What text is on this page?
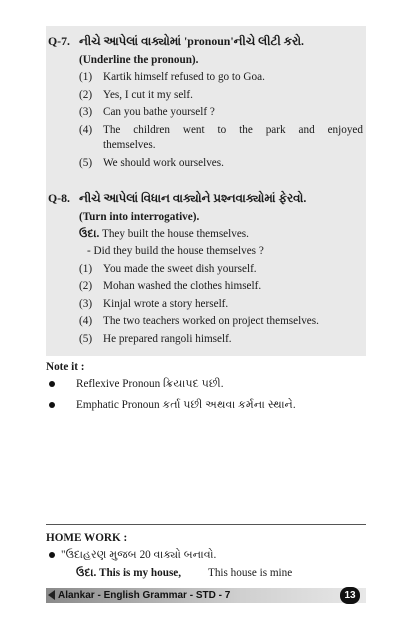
Q-7. નીચે આપેલાં વાક્યોમાં 'pronoun'નીચે લીટી કરો.
(Underline the pronoun).
(1) Kartik himself refused to go to Goa.
(2) Yes, I cut it my self.
(3) Can you bathe yourself ?
(4) The children went to the park and enjoyed
themselves.
(5) We should work ourselves.
Q-8. નીચે આપેલાં વિધાન વાક્યોને પ્રશ્નવાક્યોમાં ફેરવો.
(Turn into interrogative).
ઉદા. They built the house themselves.
- Did they build the house themselves ?
(1) You made the sweet dish yourself.
(2) Mohan washed the clothes himself.
(3) Kinjal wrote a story herself.
(4) The two teachers worked on project themselves.
(5) He prepared rangoli himself.
Note it :
Reflexive Pronoun ક્રિયાપદ પછી.
Emphatic Pronoun કર્તા પછી અથવા કર્મના સ્થાને.
HOME WORK :
"ઉદાહરણ મુજબ 20 વાક્યો બનાવો.
ઉદા. This is my house, This house is mine
Alankar - English Grammar - STD - 7	13
